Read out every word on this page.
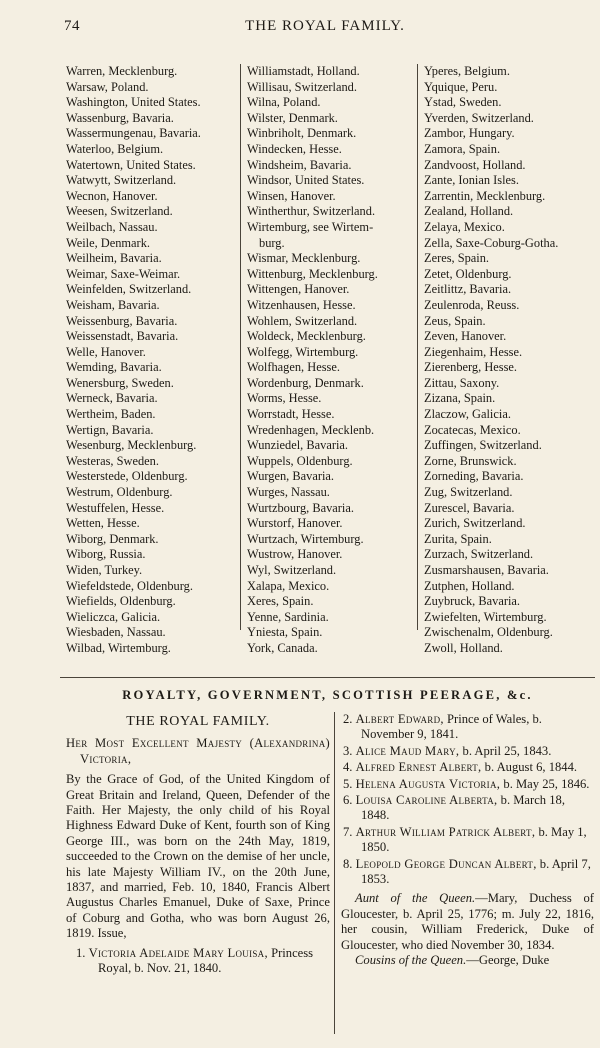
74	THE ROYAL FAMILY.
Warren, Mecklenburg.
Warsaw, Poland.
Washington, United States.
Wassenburg, Bavaria.
Wassermungenau, Bavaria.
Waterloo, Belgium.
Watertown, United States.
Watwytt, Switzerland.
Wecnon, Hanover.
Weesen, Switzerland.
Weilbach, Nassau.
Weile, Denmark.
Weilheim, Bavaria.
Weimar, Saxe-Weimar.
Weinfelden, Switzerland.
Weisham, Bavaria.
Weissenburg, Bavaria.
Weissenstadt, Bavaria.
Welle, Hanover.
Wemding, Bavaria.
Wenersburg, Sweden.
Werneck, Bavaria.
Wertheim, Baden.
Wertign, Bavaria.
Wesenburg, Mecklenburg.
Westeras, Sweden.
Westerstede, Oldenburg.
Westrum, Oldenburg.
Westuffelen, Hesse.
Wetten, Hesse.
Wiborg, Denmark.
Wiborg, Russia.
Widen, Turkey.
Wiefeldstede, Oldenburg.
Wiefields, Oldenburg.
Wieliczca, Galicia.
Wiesbaden, Nassau.
Wilbad, Wirtemburg.
Williamstadt, Holland.
Willisau, Switzerland.
Wilna, Poland.
Wilster, Denmark.
Winbriholt, Denmark.
Windecken, Hesse.
Windsheim, Bavaria.
Windsor, United States.
Winsen, Hanover.
Wintherthur, Switzerland.
Wirtemburg, see Wirtem-
burg.
Wismar, Mecklenburg.
Wittenburg, Mecklenburg.
Wittengen, Hanover.
Witzenhausen, Hesse.
Wohlem, Switzerland.
Woldeck, Mecklenburg.
Wolfegg, Wirtemburg.
Wolfhagen, Hesse.
Wordenburg, Denmark.
Worms, Hesse.
Worrstadt, Hesse.
Wredenhagen, Mecklenb.
Wunziedel, Bavaria.
Wuppels, Oldenburg.
Wurgen, Bavaria.
Wurges, Nassau.
Wurtzbourg, Bavaria.
Wurstorf, Hanover.
Wurtzach, Wirtemburg.
Wustrow, Hanover.
Wyl, Switzerland.
Xalapa, Mexico.
Xeres, Spain.
Yenne, Sardinia.
Yniesta, Spain.
York, Canada.
Yperes, Belgium.
Yquique, Peru.
Ystad, Sweden.
Yverden, Switzerland.
Zambor, Hungary.
Zamora, Spain.
Zandvoost, Holland.
Zante, Ionian Isles.
Zarrentin, Mecklenburg.
Zealand, Holland.
Zelaya, Mexico.
Zella, Saxe-Coburg-Gotha.
Zeres, Spain.
Zetet, Oldenburg.
Zeitlittz, Bavaria.
Zeulenroda, Reuss.
Zeus, Spain.
Zeven, Hanover.
Ziegenhaim, Hesse.
Zierenberg, Hesse.
Zittau, Saxony.
Zizana, Spain.
Zlaczow, Galicia.
Zocatecas, Mexico.
Zuffingen, Switzerland.
Zorne, Brunswick.
Zorneding, Bavaria.
Zug, Switzerland.
Zurescel, Bavaria.
Zurich, Switzerland.
Zurita, Spain.
Zurzach, Switzerland.
Zusmarshausen, Bavaria.
Zutphen, Holland.
Zuybruck, Bavaria.
Zwiefelten, Wirtemburg.
Zwischenalm, Oldenburg.
Zwoll, Holland.
ROYALTY, GOVERNMENT, SCOTTISH PEERAGE, &c.
THE ROYAL FAMILY.
Her Most Excellent Majesty (Alexandrina) Victoria,
By the Grace of God, of the United Kingdom of Great Britain and Ireland, Queen, Defender of the Faith. Her Majesty, the only child of his Royal Highness Edward Duke of Kent, fourth son of King George III., was born on the 24th May, 1819, succeeded to the Crown on the demise of her uncle, his late Majesty William IV., on the 20th June, 1837, and married, Feb. 10, 1840, Francis Albert Augustus Charles Emanuel, Duke of Saxe, Prince of Coburg and Gotha, who was born August 26, 1819. Issue,
1. Victoria Adelaide Mary Louisa, Princess Royal, b. Nov. 21, 1840.
2. Albert Edward, Prince of Wales, b. November 9, 1841.
3. Alice Maud Mary, b. April 25, 1843.
4. Alfred Ernest Albert, b. August 6, 1844.
5. Helena Augusta Victoria, b. May 25, 1846.
6. Louisa Caroline Alberta, b. March 18, 1848.
7. Arthur William Patrick Albert, b. May 1, 1850.
8. Leopold George Duncan Albert, b. April 7, 1853.
Aunt of the Queen.—Mary, Duchess of Gloucester, b. April 25, 1776; m. July 22, 1816, her cousin, William Frederick, Duke of Gloucester, who died November 30, 1834.
Cousins of the Queen.—George, Duke
